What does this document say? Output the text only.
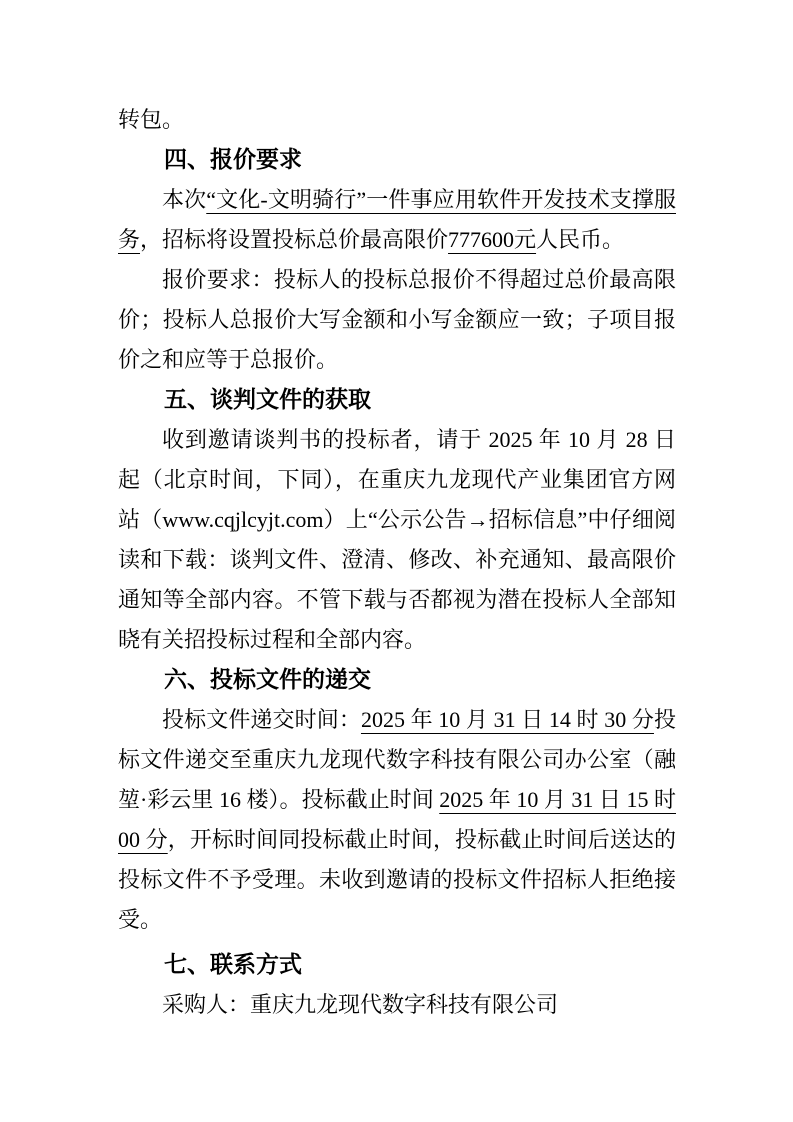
转包。

四、报价要求

本次“文化-文明骑行”一件事应用软件开发技术支撑服务，招标将设置投标总价最高限价777600元人民币。

报价要求：投标人的投标总报价不得超过总价最高限价；投标人总报价大写金额和小写金额应一致；子项目报价之和应等于总报价。

五、谈判文件的获取

收到邀请谈判书的投标者，请于 2025 年 10 月 28 日起（北京时间，下同），在重庆九龙现代产业集团官方网站（www.cqjlcyjt.com）上“公示公告→招标信息”中仔细阅读和下载：谈判文件、澄清、修改、补充通知、最高限价通知等全部内容。不管下载与否都视为潜在投标人全部知晓有关招投标过程和全部内容。

六、投标文件的递交

投标文件递交时间：2025 年 10 月 31 日 14 时 30 分投标文件递交至重庆九龙现代数字科技有限公司办公室（融堃·彩云里 16 楼）。投标截止时间 2025 年 10 月 31 日 15 时 00 分，开标时间同投标截止时间，投标截止时间后送达的投标文件不予受理。未收到邀请的投标文件招标人拒绝接受。

七、联系方式

采购人：重庆九龙现代数字科技有限公司
